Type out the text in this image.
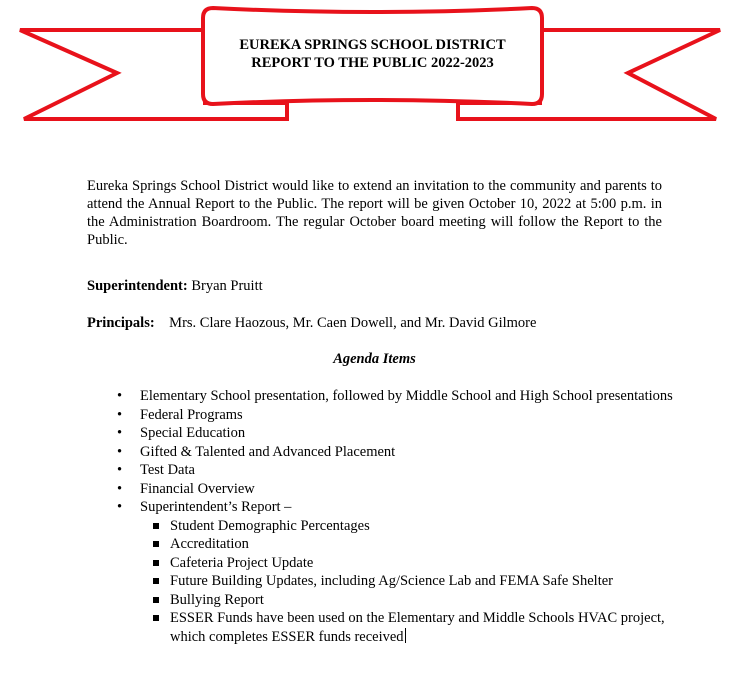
EUREKA SPRINGS SCHOOL DISTRICT
REPORT TO THE PUBLIC 2022-2023
Eureka Springs School District would like to extend an invitation to the community and parents to attend the Annual Report to the Public. The report will be given October 10, 2022 at 5:00 p.m. in the Administration Boardroom. The regular October board meeting will follow the Report to the Public.
Superintendent: Bryan Pruitt
Principals: Mrs. Clare Haozous, Mr. Caen Dowell, and Mr. David Gilmore
Agenda Items
• Elementary School presentation, followed by Middle School and High School presentations
• Federal Programs
• Special Education
• Gifted & Talented and Advanced Placement
• Test Data
• Financial Overview
• Superintendent’s Report –
Student Demographic Percentages
Accreditation
Cafeteria Project Update
Future Building Updates, including Ag/Science Lab and FEMA Safe Shelter
Bullying Report
ESSER Funds have been used on the Elementary and Middle Schools HVAC project, which completes ESSER funds received
